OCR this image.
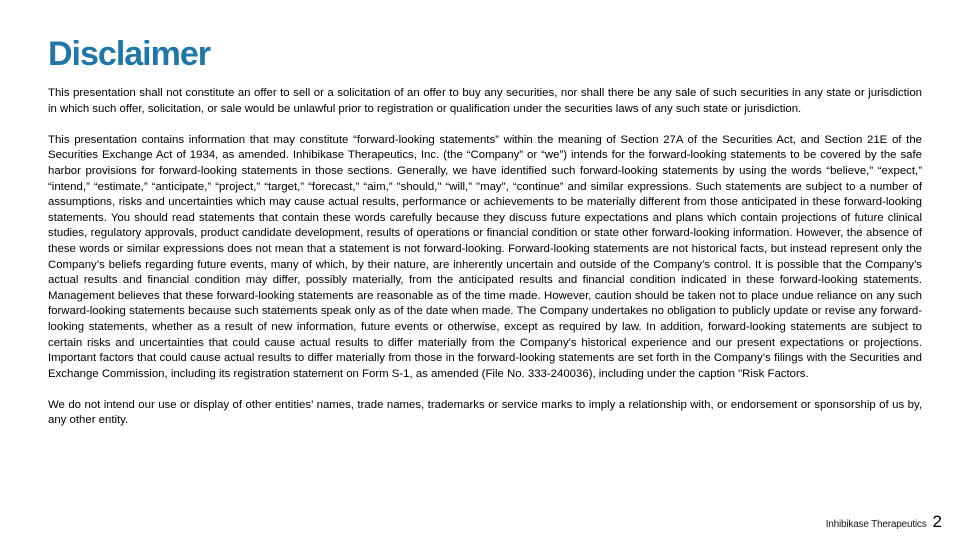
Disclaimer

This presentation shall not constitute an offer to sell or a solicitation of an offer to buy any securities, nor shall there be any sale of such securities in any state or jurisdiction in which such offer, solicitation, or sale would be unlawful prior to registration or qualification under the securities laws of any such state or jurisdiction.

This presentation contains information that may constitute “forward-looking statements” within the meaning of Section 27A of the Securities Act, and Section 21E of the Securities Exchange Act of 1934, as amended. Inhibikase Therapeutics, Inc. (the “Company” or “we”) intends for the forward-looking statements to be covered by the safe harbor provisions for forward-looking statements in those sections. Generally, we have identified such forward-looking statements by using the words “believe,” “expect,” “intend,” “estimate,” “anticipate,” “project,” “target,” “forecast,” “aim,” "should," “will,” "may", “continue” and similar expressions. Such statements are subject to a number of assumptions, risks and uncertainties which may cause actual results, performance or achievements to be materially different from those anticipated in these forward-looking statements. You should read statements that contain these words carefully because they discuss future expectations and plans which contain projections of future clinical studies, regulatory approvals, product candidate development, results of operations or financial condition or state other forward-looking information. However, the absence of these words or similar expressions does not mean that a statement is not forward-looking. Forward-looking statements are not historical facts, but instead represent only the Company’s beliefs regarding future events, many of which, by their nature, are inherently uncertain and outside of the Company’s control. It is possible that the Company’s actual results and financial condition may differ, possibly materially, from the anticipated results and financial condition indicated in these forward-looking statements. Management believes that these forward-looking statements are reasonable as of the time made. However, caution should be taken not to place undue reliance on any such forward-looking statements because such statements speak only as of the date when made. The Company undertakes no obligation to publicly update or revise any forward-looking statements, whether as a result of new information, future events or otherwise, except as required by law. In addition, forward-looking statements are subject to certain risks and uncertainties that could cause actual results to differ materially from the Company's historical experience and our present expectations or projections. Important factors that could cause actual results to differ materially from those in the forward-looking statements are set forth in the Company’s filings with the Securities and Exchange Commission, including its registration statement on Form S-1, as amended (File No. 333-240036), including under the caption "Risk Factors.

We do not intend our use or display of other entities’ names, trade names, trademarks or service marks to imply a relationship with, or endorsement or sponsorship of us by, any other entity.

Inhibikase Therapeutics 2
